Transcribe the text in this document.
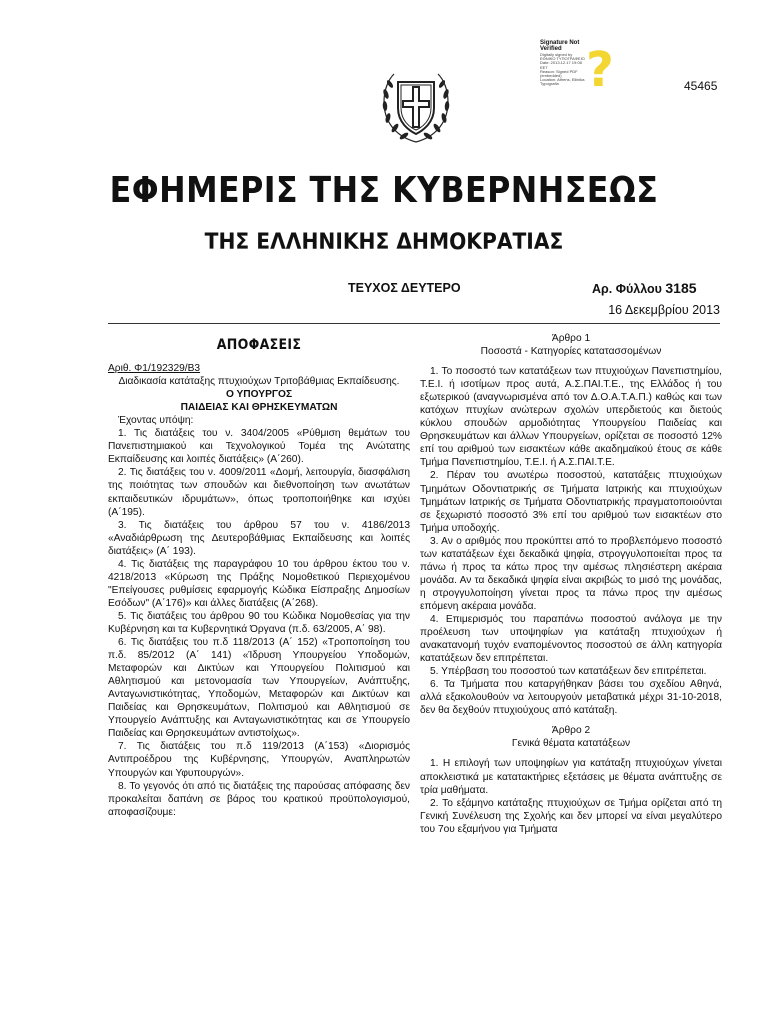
?
Signature Not
Verified
Digitally signed by
EΘΝΙΚΟ ΤΥΠΟΓΡΑΦΕΙΟ
Date: 2013.12.17 19:08
EET
Reason: Signed PDF
(embedded)
Location: Athens, Ellinika
Typografia	45465
ΕΦΗΜΕΡΙΣ ΤΗΣ ΚΥΒΕΡΝΗΣΕΩΣ
ΤΗΣ ΕΛΛΗΝΙΚΗΣ ΔΗΜΟΚΡΑΤΙΑΣ
ΤΕΥΧΟΣ ΔΕΥΤΕΡΟ	Αρ. Φύλλου 3185
16 Δεκεμβρίου 2013
ΑΠΟΦΑΣΕΙΣ

Αριθ. Φ1/192329/Β3

Διαδικασία κατάταξης πτυχιούχων Τριτοβάθμιας Εκπαίδευσης.

Ο ΥΠΟΥΡΓΟΣ

ΠΑΙΔΕΙΑΣ ΚΑΙ ΘΡΗΣΚΕΥΜΑΤΩΝ

Έχοντας υπόψη:

1. Τις διατάξεις του ν. 3404/2005 «Ρύθμιση θεμάτων του Πανεπιστημιακού και Τεχνολογικού Τομέα της Ανώτατης Εκπαίδευσης και λοιπές διατάξεις» (Α΄260).

2. Τις διατάξεις του ν. 4009/2011 «Δομή, λειτουργία, διασφάλιση της ποιότητας των σπουδών και διεθνοποίηση των ανωτάτων εκπαιδευτικών ιδρυμάτων», όπως τροποποιήθηκε και ισχύει (Α΄195).

3. Τις διατάξεις του άρθρου 57 του ν. 4186/2013 «Αναδιάρθρωση της Δευτεροβάθμιας Εκπαίδευσης και λοιπές διατάξεις» (Α΄ 193).

4. Τις διατάξεις της παραγράφου 10 του άρθρου έκτου του ν. 4218/2013 «Κύρωση της Πράξης Νομοθετικού Περιεχομένου "Επείγουσες ρυθμίσεις εφαρμογής Κώδικα Είσπραξης Δημοσίων Εσόδων" (Α΄176)» και άλλες διατάξεις (Α΄268).

5. Τις διατάξεις του άρθρου 90 του Κώδικα Νομοθεσίας για την Κυβέρνηση και τα Κυβερνητικά Όργανα (π.δ. 63/2005, Α΄ 98).

6. Τις διατάξεις του π.δ 118/2013 (Α΄ 152) «Τροποποίηση του π.δ. 85/2012 (Α΄ 141) «Ίδρυση Υπουργείου Υποδομών, Μεταφορών και Δικτύων και Υπουργείου Πολιτισμού και Αθλητισμού και μετονομασία των Υπουργείων, Ανάπτυξης, Ανταγωνιστικότητας, Υποδομών, Μεταφορών και Δικτύων και Παιδείας και Θρησκευμάτων, Πολιτισμού και Αθλητισμού σε Υπουργείο Ανάπτυξης και Ανταγωνιστικότητας και σε Υπουργείο Παιδείας και Θρησκευμάτων αντιστοίχως».

7. Τις διατάξεις του π.δ 119/2013 (Α΄153) «Διορισμός Αντιπροέδρου της Κυβέρνησης, Υπουργών, Αναπληρωτών Υπουργών και Υφυπουργών».

8. Το γεγονός ότι από τις διατάξεις της παρούσας απόφασης δεν προκαλείται δαπάνη σε βάρος του κρατικού προϋπολογισμού, αποφασίζουμε:

Άρθρο 1

Ποσοστά - Κατηγορίες κατατασσομένων

1. Το ποσοστό των κατατάξεων των πτυχιούχων Πανεπιστημίου, Τ.Ε.Ι. ή ισοτίμων προς αυτά, Α.Σ.ΠΑΙ.Τ.Ε., της Ελλάδος ή του εξωτερικού (αναγνωρισμένα από τον Δ.Ο.Α.Τ.Α.Π.) καθώς και των κατόχων πτυχίων ανώτερων σχολών υπερδιετούς και διετούς κύκλου σπουδών αρμοδιότητας Υπουργείου Παιδείας και Θρησκευμάτων και άλλων Υπουργείων, ορίζεται σε ποσοστό 12% επί του αριθμού των εισακτέων κάθε ακαδημαϊκού έτους σε κάθε Τμήμα Πανεπιστημίου, Τ.Ε.Ι. ή Α.Σ.ΠΑΙ.Τ.Ε.

2. Πέραν του ανωτέρω ποσοστού, κατατάξεις πτυχιούχων Τμημάτων Οδοντιατρικής σε Τμήματα Ιατρικής και πτυχιούχων Τμημάτων Ιατρικής σε Τμήματα Οδοντιατρικής πραγματοποιούνται σε ξεχωριστό ποσοστό 3% επί του αριθμού των εισακτέων στο Τμήμα υποδοχής.

3. Αν ο αριθμός που προκύπτει από το προβλεπόμενο ποσοστό των κατατάξεων έχει δεκαδικά ψηφία, στρογγυλοποιείται προς τα πάνω ή προς τα κάτω προς την αμέσως πλησιέστερη ακέραια μονάδα. Αν τα δεκαδικά ψηφία είναι ακριβώς το μισό της μονάδας, η στρογγυλοποίηση γίνεται προς τα πάνω προς την αμέσως επόμενη ακέραια μονάδα.

4. Επιμερισμός του παραπάνω ποσοστού ανάλογα με την προέλευση των υποψηφίων για κατάταξη πτυχιούχων ή ανακατανομή τυχόν εναπομένοντος ποσοστού σε άλλη κατηγορία κατατάξεων δεν επιτρέπεται.

5. Υπέρβαση του ποσοστού των κατατάξεων δεν επιτρέπεται.

6. Τα Τμήματα που καταργήθηκαν βάσει του σχεδίου Αθηνά, αλλά εξακολουθούν να λειτουργούν μεταβατικά μέχρι 31-10-2018, δεν θα δεχθούν πτυχιούχους από κατάταξη.

Άρθρο 2

Γενικά θέματα κατατάξεων

1. Η επιλογή των υποψηφίων για κατάταξη πτυχιούχων γίνεται αποκλειστικά με κατατακτήριες εξετάσεις με θέματα ανάπτυξης σε τρία μαθήματα.

2. Το εξάμηνο κατάταξης πτυχιούχων σε Τμήμα ορίζεται από τη Γενική Συνέλευση της Σχολής και δεν μπορεί να είναι μεγαλύτερο του 7ου εξαμήνου για Τμήματα
